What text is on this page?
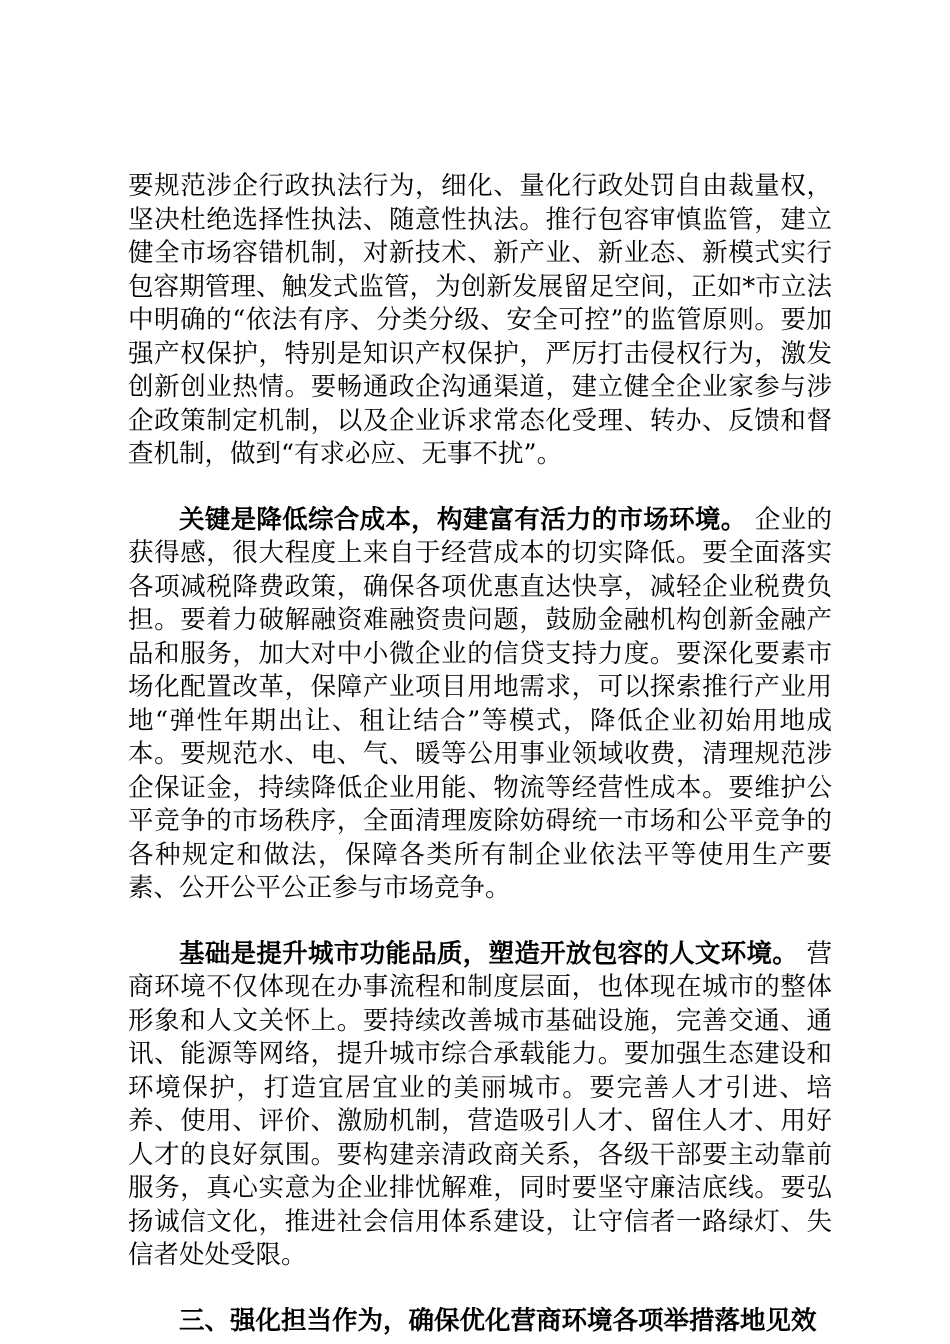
要规范涉企行政执法行为，细化、量化行政处罚自由裁量权，坚决杜绝选择性执法、随意性执法。推行包容审慎监管，建立健全市场容错机制，对新技术、新产业、新业态、新模式实行包容期管理、触发式监管，为创新发展留足空间，正如*市立法中明确的“依法有序、分类分级、安全可控”的监管原则。要加强产权保护，特别是知识产权保护，严厉打击侵权行为，激发创新创业热情。要畅通政企沟通渠道，建立健全企业家参与涉企政策制定机制，以及企业诉求常态化受理、转办、反馈和督查机制，做到“有求必应、无事不扰”。

关键是降低综合成本，构建富有活力的市场环境。 企业的获得感，很大程度上来自于经营成本的切实降低。要全面落实各项减税降费政策，确保各项优惠直达快享，减轻企业税费负担。要着力破解融资难融资贵问题，鼓励金融机构创新金融产品和服务，加大对中小微企业的信贷支持力度。要深化要素市场化配置改革，保障产业项目用地需求，可以探索推行产业用地“弹性年期出让、租让结合”等模式，降低企业初始用地成本。要规范水、电、气、暖等公用事业领域收费，清理规范涉企保证金，持续降低企业用能、物流等经营性成本。要维护公平竞争的市场秩序，全面清理废除妨碍统一市场和公平竞争的各种规定和做法，保障各类所有制企业依法平等使用生产要素、公开公平公正参与市场竞争。

基础是提升城市功能品质，塑造开放包容的人文环境。 营商环境不仅体现在办事流程和制度层面，也体现在城市的整体形象和人文关怀上。要持续改善城市基础设施，完善交通、通讯、能源等网络，提升城市综合承载能力。要加强生态建设和环境保护，打造宜居宜业的美丽城市。要完善人才引进、培养、使用、评价、激励机制，营造吸引人才、留住人才、用好人才的良好氛围。要构建亲清政商关系，各级干部要主动靠前服务，真心实意为企业排忧解难，同时要坚守廉洁底线。要弘扬诚信文化，推进社会信用体系建设，让守信者一路绿灯、失信者处处受限。

三、强化担当作为，确保优化营商环境各项举措落地见效
